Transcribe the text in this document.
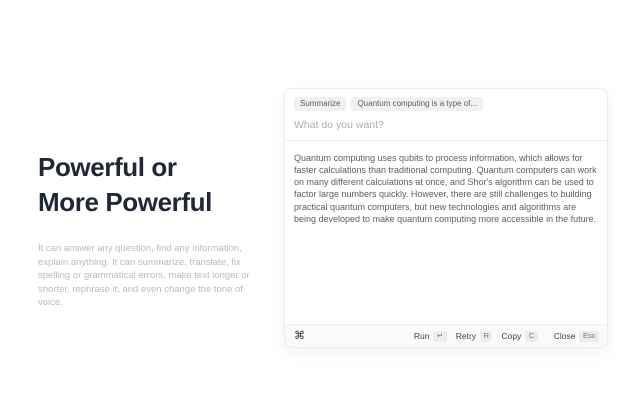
Powerful or
More Powerful

It can answer any question, find any information, explain anything. It can summarize, translate, fix spelling or grammatical errors, make text longer or shorter, rephrase it, and even change the tone of voice.

Summarize	Quantum computing is a type of...
What do you want?

Quantum computing uses qubits to process information, which allows for faster calculations than traditional computing. Quantum computers can work on many different calculations at once, and Shor's algorithm can be used to factor large numbers quickly. However, there are still challenges to building practical quantum computers, but new technologies and algorithms are being developed to make quantum computing more accessible in the future.

⌘	Run	↵	Retry	R	Copy	C	Close	Esc
